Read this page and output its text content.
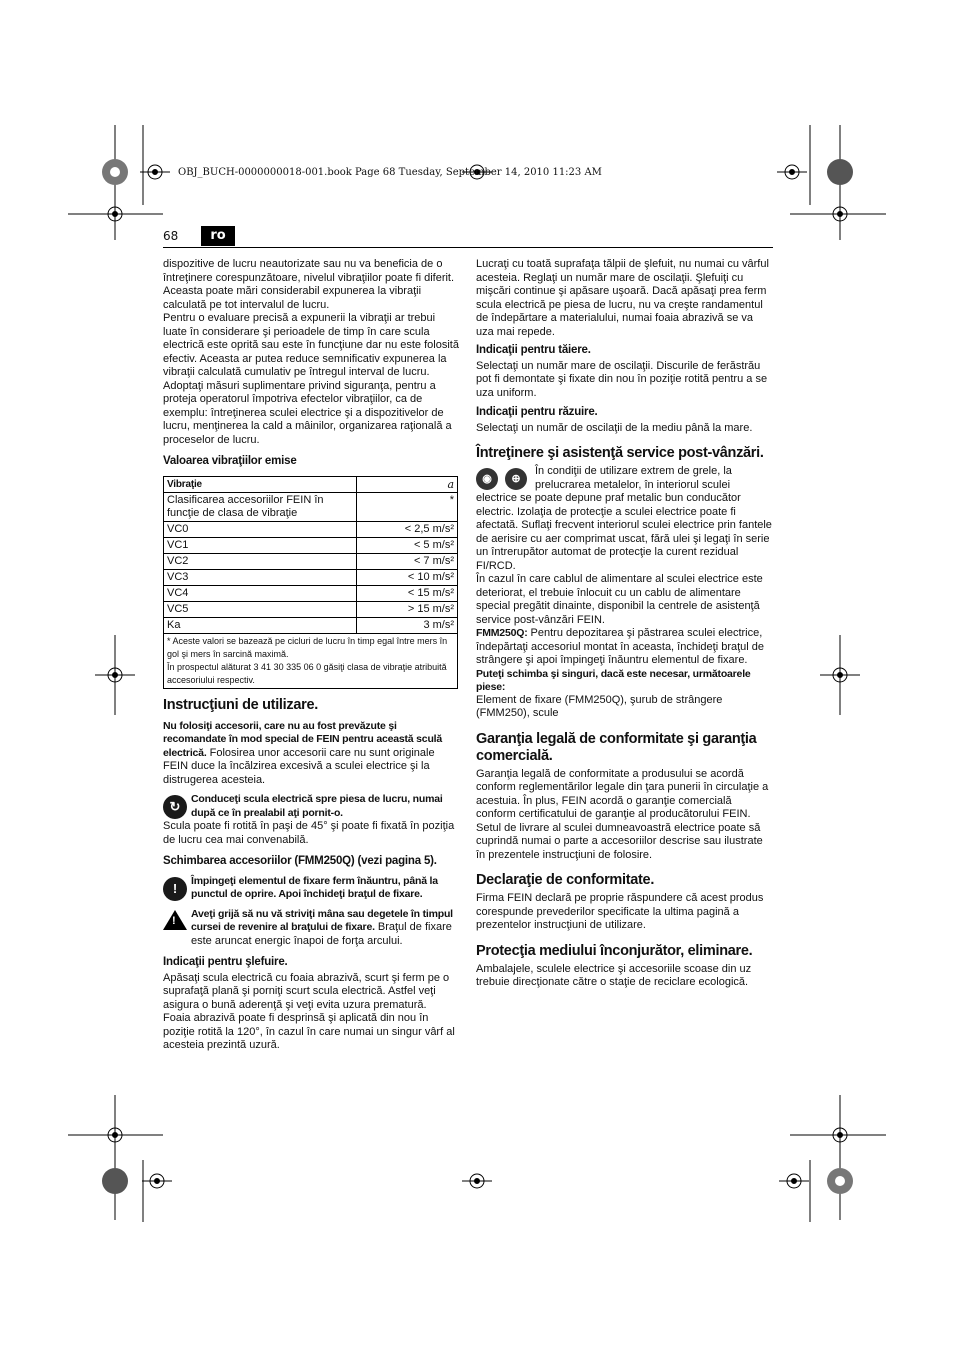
OBJ_BUCH-0000000018-001.book Page 68 Tuesday, September 14, 2010 11:23 AM
68	ro

dispozitive de lucru neautorizate sau nu va beneficia de o întreţinere corespunzătoare, nivelul vibraţiilor poate fi diferit. Aceasta poate mări considerabil expunerea la vibraţii calculată pe tot intervalul de lucru.

Pentru o evaluare precisă a expunerii la vibraţii ar trebui luate în considerare şi perioadele de timp în care scula electrică este oprită sau este în funcţiune dar nu este folosită efectiv. Aceasta ar putea reduce semnificativ expunerea la vibraţii calculată cumulativ pe întregul interval de lucru.

Adoptaţi măsuri suplimentare privind siguranţa, pentru a proteja operatorul împotriva efectelor vibraţiilor, ca de exemplu: întreţinerea sculei electrice şi a dispozitivelor de lucru, menţinerea la cald a mâinilor, organizarea raţională a proceselor de lucru.

Valoarea vibraţiilor emise
Vibraţie	a
Clasificarea accesoriilor FEIN în funcţie de clasa de vibraţie	*
VC0	< 2,5 m/s²
VC1	< 5 m/s²
VC2	< 7 m/s²
VC3	< 10 m/s²
VC4	< 15 m/s²
VC5	> 15 m/s²
Ka	3 m/s²

* Aceste valori se bazează pe cicluri de lucru în timp egal între mers în gol şi mers în sarcină maximă.
În prospectul alăturat 3 41 30 335 06 0 găsiţi clasa de vibraţie atribuită accesoriului respectiv.	
Instrucţiuni de utilizare.

Nu folosiţi accesorii, care nu au fost prevăzute şi recomandate în mod special de FEIN pentru această sculă electrică. Folosirea unor accesorii care nu sunt originale FEIN duce la încălzirea excesivă a sculei electrice şi la distrugerea acesteia.

↻	Conduceţi scula electrică spre piesa de lucru, numai după ce în prealabil aţi pornit-o.

Scula poate fi rotită în paşi de 45° şi poate fi fixată în poziţia de lucru cea mai convenabilă.

Schimbarea accesoriilor (FMM250Q) (vezi pagina 5).
!	Împingeţi elementul de fixare ferm înăuntru, până la punctul de oprire. Apoi închideţi braţul de fixare.
!
Aveţi grijă să nu vă striviţi mâna sau degetele în timpul cursei de revenire al braţului de fixare. Braţul de fixare este aruncat energic înapoi de forţa arcului.
Indicaţii pentru şlefuire.

Apăsaţi scula electrică cu foaia abrazivă, scurt şi ferm pe o suprafaţă plană şi porniţi scurt scula electrică. Astfel veţi asigura o bună aderenţă şi veţi evita uzura prematură.

Foaia abrazivă poate fi desprinsă şi aplicată din nou în poziţie rotită la 120°, în cazul în care numai un singur vârf al acesteia prezintă uzură.

Lucraţi cu toată suprafaţa tălpii de şlefuit, nu numai cu vârful acesteia. Reglaţi un număr mare de oscilaţii. Şlefuiţi cu mişcări continue şi apăsare uşoară. Dacă apăsaţi prea ferm scula electrică pe piesa de lucru, nu va creşte randamentul de îndepărtare a materialului, numai foaia abrazivă se va uza mai repede.

Indicaţii pentru tăiere.

Selectaţi un număr mare de oscilaţii. Discurile de ferăstrău pot fi demontate şi fixate din nou în poziţie rotită pentru a se uza uniform.

Indicaţii pentru răzuire.

Selectaţi un număr de oscilaţii de la mediu până la mare.

Întreţinere şi asistenţă service post-vânzări.
◉	⊕

În condiţii de utilizare extrem de grele, la prelucrarea metalelor, în interiorul sculei electrice se poate depune praf metalic bun conducător electric. Izolaţia de protecţie a sculei electrice poate fi afectată. Suflaţi frecvent interiorul sculei electrice prin fantele de aerisire cu aer comprimat uscat, fără ulei şi legaţi în serie un întrerupător automat de protecţie la curent rezidual FI/RCD.

În cazul în care cablul de alimentare al sculei electrice este deteriorat, el trebuie înlocuit cu un cablu de alimentare special pregătit dinainte, disponibil la centrele de asistenţă service post-vânzări FEIN.

FMM250Q: Pentru depozitarea şi păstrarea sculei electrice, îndepărtaţi accesoriul montat în aceasta, închideţi braţul de strângere şi apoi împingeţi înăuntru elementul de fixare.

Puteţi schimba şi singuri, dacă este necesar, următoarele piese:

Element de fixare (FMM250Q), şurub de strângere (FMM250), scule

Garanţia legală de conformitate şi garanţia comercială.

Garanţia legală de conformitate a produsului se acordă conform reglementărilor legale din ţara punerii în circulaţie a acestuia. În plus, FEIN acordă o garanţie comercială conform certificatului de garanţie al producătorului FEIN.

Setul de livrare al sculei dumneavoastră electrice poate să cuprindă numai o parte a accesoriilor descrise sau ilustrate în prezentele instrucţiuni de folosire.

Declaraţie de conformitate.

Firma FEIN declară pe proprie răspundere că acest produs corespunde prevederilor specificate la ultima pagină a prezentelor instrucţiuni de utilizare.

Protecţia mediului înconjurător, eliminare.

Ambalajele, sculele electrice şi accesoriile scoase din uz trebuie direcţionate către o staţie de reciclare ecologică.
